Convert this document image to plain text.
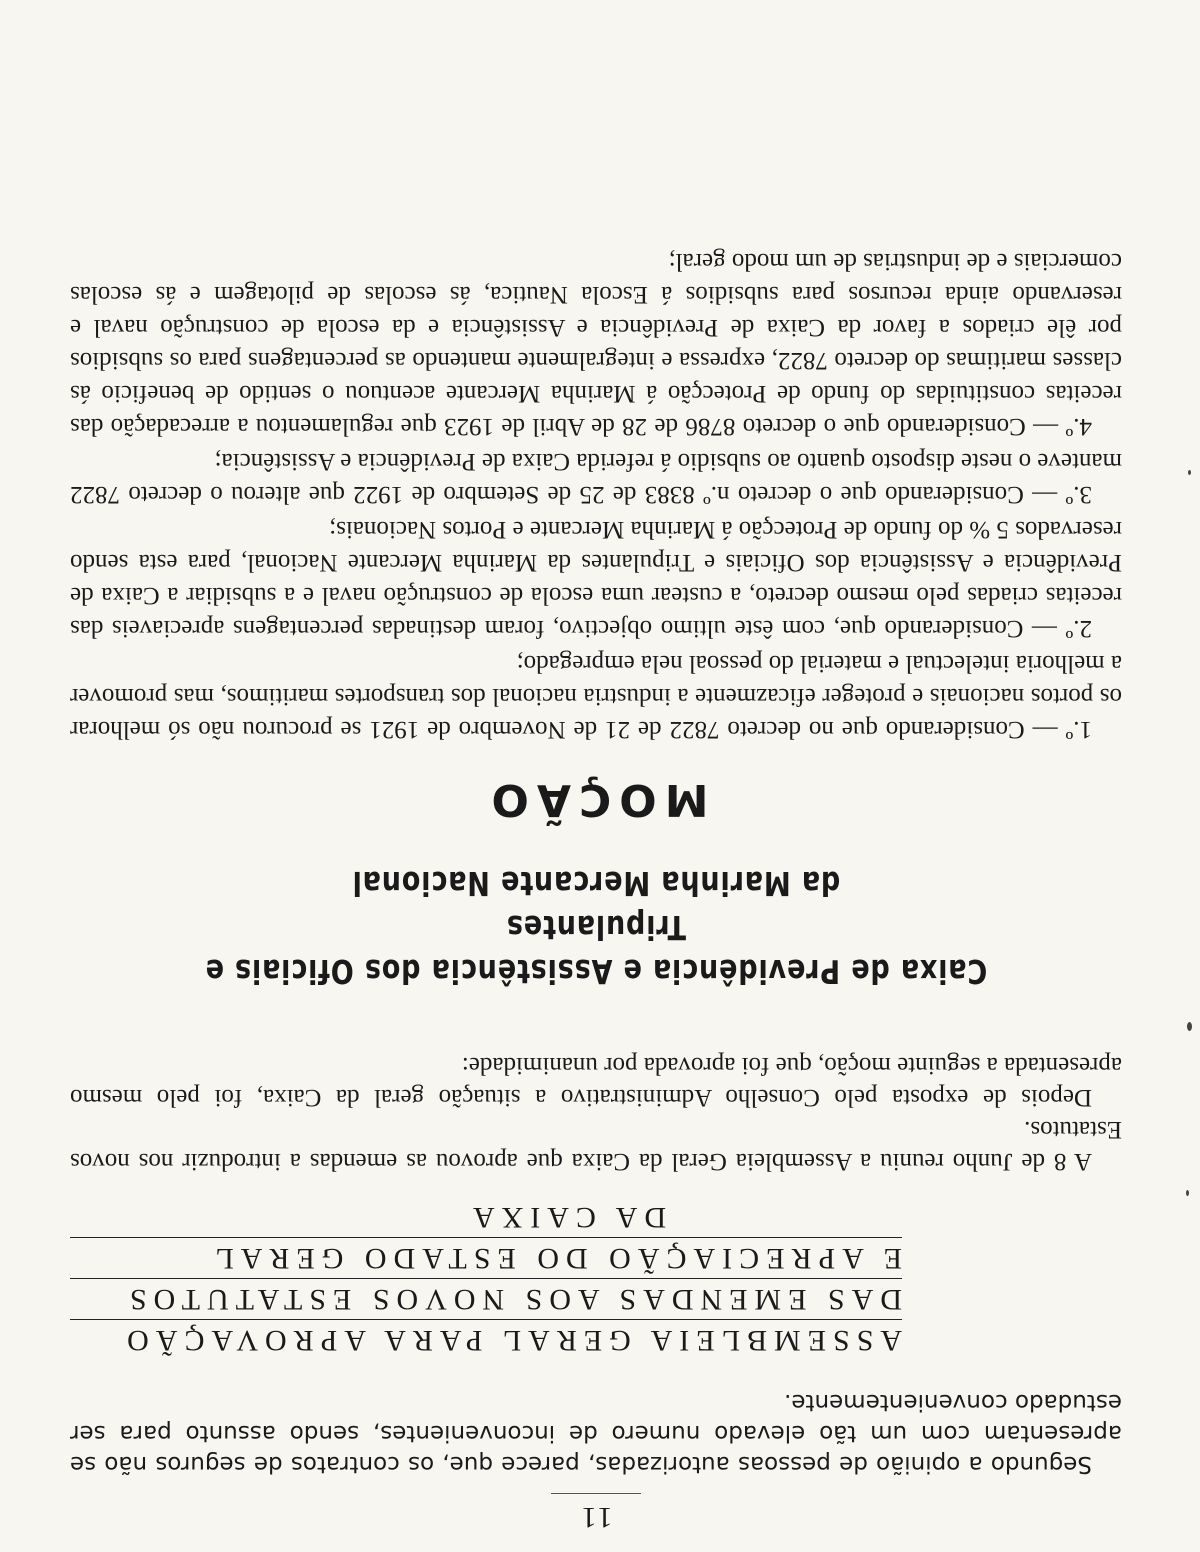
11

Segundo a opinião de pessoas autorizadas, parece que, os contratos de seguros não se apresentam com um tão elevado numero de inconvenientes, sendo assunto para ser estudado convenientemente.

ASSEMBLEIA GERAL PARA APROVAÇÃO
DAS EMENDAS AOS NOVOS ESTATUTOS
E APRECIAÇÃO DO ESTADO GERAL
DA CAIXA

A 8 de Junho reuniu a Assembleia Geral da Caixa que aprovou as emendas a introduzir nos novos Estatutos.

Depois de exposta pelo Conselho Administrativo a situação geral da Caixa, foi pelo mesmo apresentada a seguinte moção, que foi aprovada por unanimidade:

Caixa de Previdência e Assistência dos Oficiais e Tripulantes
da Marinha Mercante Nacional
MOÇÃO

1.º — Considerando que no decreto 7822 de 21 de Novembro de 1921 se procurou não só melhorar os portos nacionais e proteger eficazmente a industria nacional dos transportes maritimos, mas promover a melhoria intelectual e material do pessoal nela empregado;

2.º — Considerando que, com êste ultimo objectivo, foram destinadas percentagens apreciaveis das receitas criadas pelo mesmo decreto, a custear uma escola de construção naval e a subsidiar a Caixa de Previdência e Assistência dos Oficiais e Tripulantes da Marinha Mercante Nacional, para esta sendo reservados 5 % do fundo de Protecção á Marinha Mercante e Portos Nacionais;

3.º — Considerando que o decreto n.º 8383 de 25 de Setembro de 1922 que alterou o decreto 7822 manteve o neste disposto quanto ao subsidio á referida Caixa de Previdência e Assistência;

4.º — Considerando que o decreto 8786 de 28 de Abril de 1923 que regulamentou a arrecadação das receitas constituidas do fundo de Protecção á Marinha Mercante acentuou o sentido de beneficio ás classes maritimas do decreto 7822, expressa e integralmente mantendo as percentagens para os subsidios por êle criados a favor da Caixa de Previdência e Assistência e da escola de construção naval e reservando ainda recursos para subsidios á Escola Nautica, ás escolas de pilotagem e ás escolas comerciais e de industrias de um modo geral;
